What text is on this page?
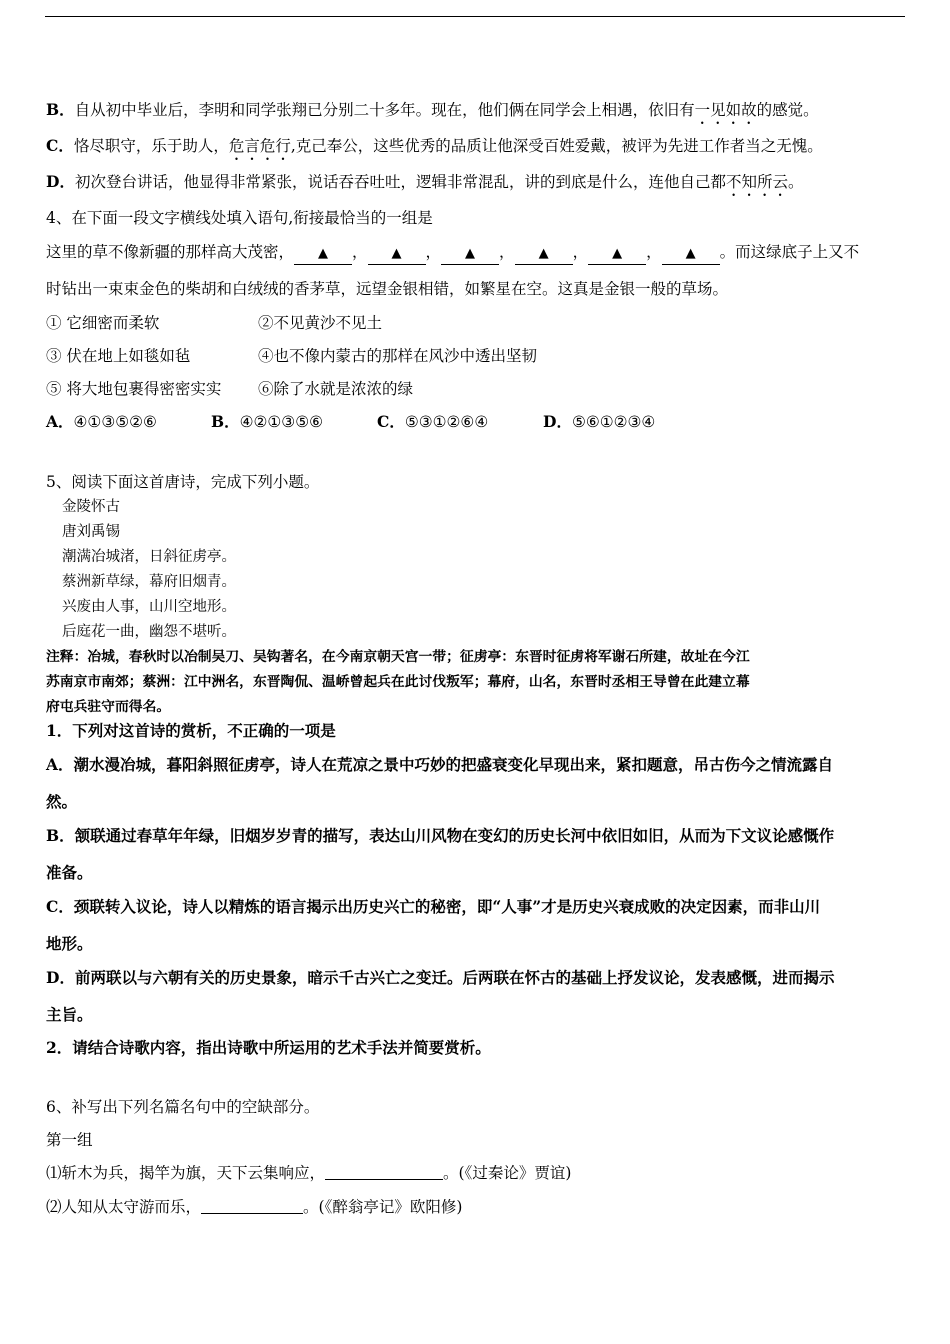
B．自从初中毕业后，李明和同学张翔已分别二十多年。现在，他们俩在同学会上相遇，依旧有一见如故的感觉。
C．恪尽职守，乐于助人，危言危行,克己奉公，这些优秀的品质让他深受百姓爱戴，被评为先进工作者当之无愧。
D．初次登台讲话，他显得非常紧张，说话吞吞吐吐，逻辑非常混乱，讲的到底是什么，连他自己都不知所云。
4、在下面一段文字横线处填入语句,衔接最恰当的一组是
这里的草不像新疆的那样高大茂密， ▲ ， ▲ ， ▲ ， ▲ ， ▲ ， ▲ 。而这绿底子上又不
时钻出一束束金色的柴胡和白绒绒的香茅草，远望金银相错，如繁星在空。这真是金银一般的草场。
① 它细密而柔软	②不见黄沙不见土
③ 伏在地上如毯如毡	④也不像内蒙古的那样在风沙中透出坚韧
⑤ 将大地包裹得密密实实 ⑥除了水就是浓浓的绿
A．④①③⑤②⑥	B．④②①③⑤⑥	C．⑤③①②⑥④	D．⑤⑥①②③④
5、阅读下面这首唐诗，完成下列小题。
金陵怀古
唐刘禹锡
潮满冶城渚，日斜征虏亭。
蔡洲新草绿，幕府旧烟青。
兴废由人事，山川空地形。
后庭花一曲，幽怨不堪听。
注释：冶城，春秋时以冶制吴刀、吴钩著名，在今南京朝天宫一带；征虏亭：东晋时征虏将军谢石所建，故址在今江
苏南京市南郊；蔡洲：江中洲名，东晋陶侃、温峤曾起兵在此讨伐叛军；幕府，山名，东晋时丞相王导曾在此建立幕
府屯兵驻守而得名。
1．下列对这首诗的赏析，不正确的一项是
A．潮水漫冶城，暮阳斜照征虏亭，诗人在荒凉之景中巧妙的把盛衰变化早现出来，紧扣题意，吊古伤今之情流露自
然。
B．颔联通过春草年年绿，旧烟岁岁青的描写，表达山川风物在变幻的历史长河中依旧如旧，从而为下文议论感慨作
准备。
C．颈联转入议论，诗人以精炼的语言揭示出历史兴亡的秘密，即“人事”才是历史兴衰成败的决定因素，而非山川
地形。
D．前两联以与六朝有关的历史景象，暗示千古兴亡之变迁。后两联在怀古的基础上抒发议论，发表感慨，进而揭示
主旨。
2．请结合诗歌内容，指出诗歌中所运用的艺术手法并简要赏析。
6、补写出下列名篇名句中的空缺部分。
第一组
⑴斩木为兵，揭竿为旗，天下云集响应，	。(《过秦论》贾谊)
⑵人知从太守游而乐，	。(《醉翁亭记》欧阳修)
